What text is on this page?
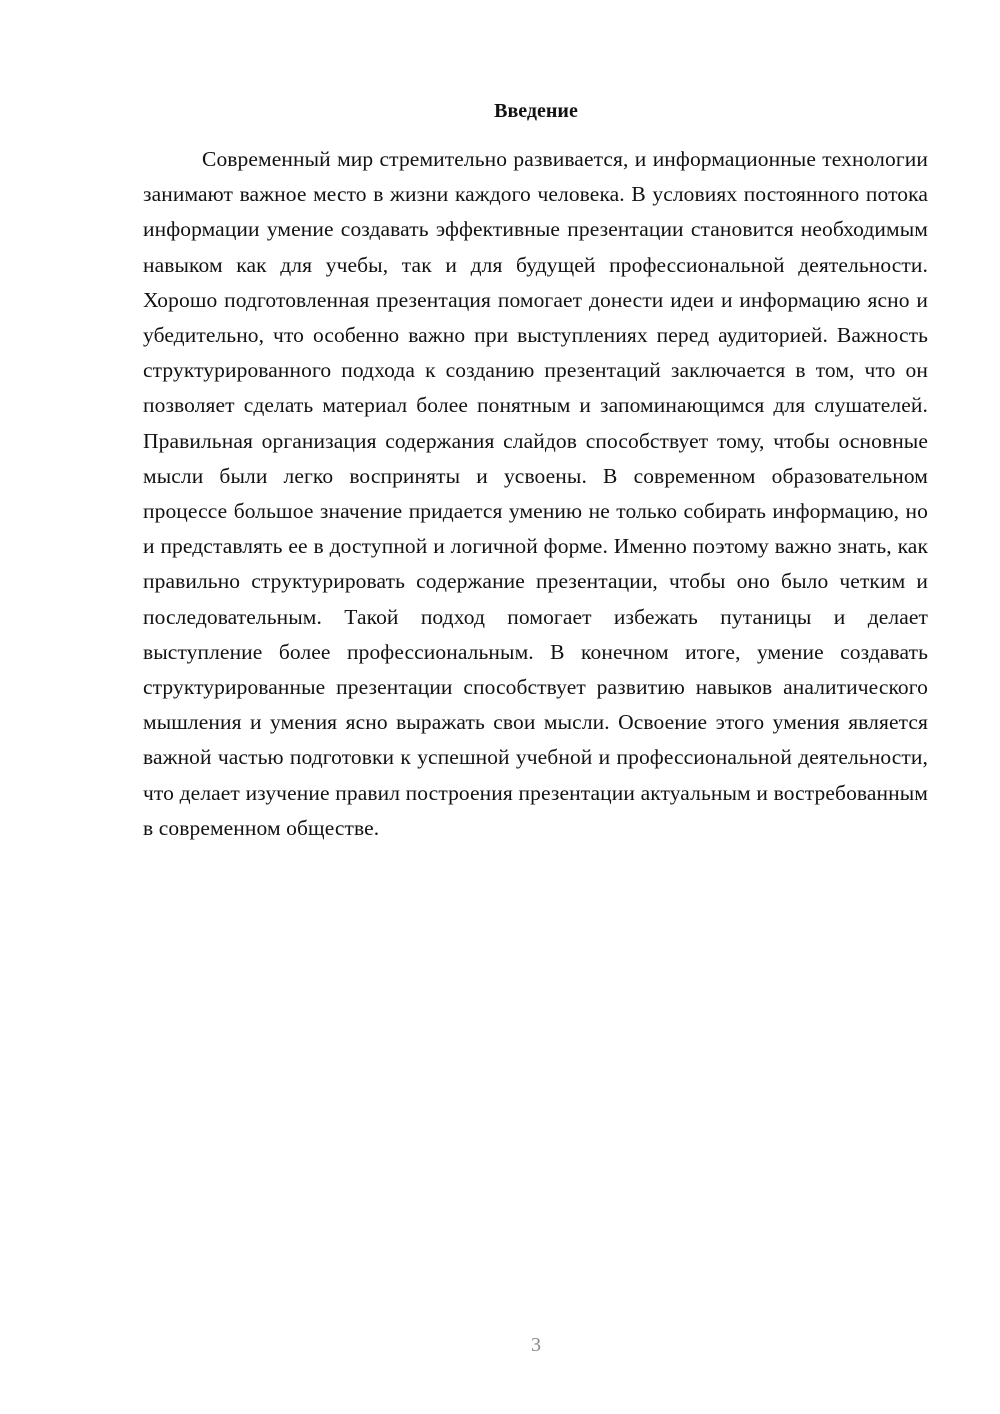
Введение

Современный мир стремительно развивается, и информационные технологии занимают важное место в жизни каждого человека. В условиях постоянного потока информации умение создавать эффективные презентации становится необходимым навыком как для учебы, так и для будущей профессиональной деятельности. Хорошо подготовленная презентация помогает донести идеи и информацию ясно и убедительно, что особенно важно при выступлениях перед аудиторией. Важность структурированного подхода к созданию презентаций заключается в том, что он позволяет сделать материал более понятным и запоминающимся для слушателей. Правильная организация содержания слайдов способствует тому, чтобы основные мысли были легко восприняты и усвоены. В современном образовательном процессе большое значение придается умению не только собирать информацию, но и представлять ее в доступной и логичной форме. Именно поэтому важно знать, как правильно структурировать содержание презентации, чтобы оно было четким и последовательным. Такой подход помогает избежать путаницы и делает выступление более профессиональным. В конечном итоге, умение создавать структурированные презентации способствует развитию навыков аналитического мышления и умения ясно выражать свои мысли. Освоение этого умения является важной частью подготовки к успешной учебной и профессиональной деятельности, что делает изучение правил построения презентации актуальным и востребованным в современном обществе.

3
